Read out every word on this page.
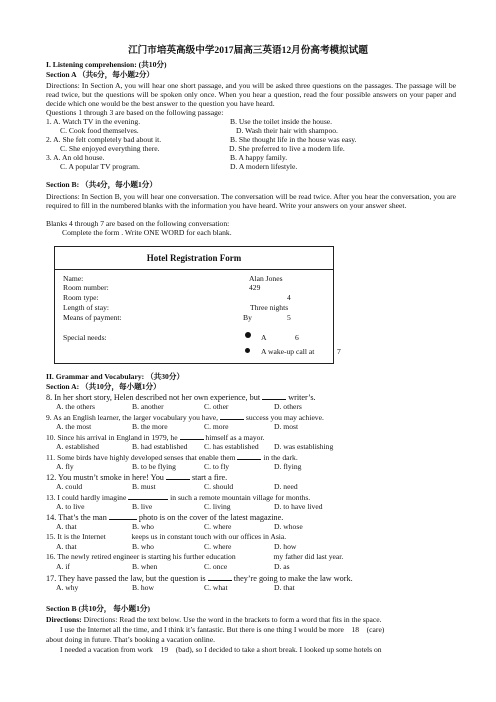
江门市培英高级中学2017届高三英语12月份高考模拟试题
I. Listening comprehension: (共10分)
Section A （共6分，每小题2分）
Directions: In Section A, you will hear one short passage, and you will be asked three questions on the passages. The passage will be read twice, but the questions will be spoken only once. When you hear a question, read the four possible answers on your paper and decide which one would be the best answer to the question you have heard.
Questions 1 through 3 are based on the following passage:
1. A. Watch TV in the evening.	B. Use the toilet inside the house.
C. Cook food themselves.	D. Wash their hair with shampoo.
2. A. She felt completely bad about it.	B. She thought life in the house was easy.
C. She enjoyed everything there.	D. She preferred to live a modern life.
3. A. An old house.	B. A happy family.
C. A popular TV program.	D. A modern lifestyle.
Section B: （共4分，每小题1分）
Directions: In Section B, you will hear one conversation. The conversation will be read twice. After you hear the conversation, you are required to fill in the numbered blanks with the information you have heard. Write your answers on your answer sheet.
Blanks 4 through 7 are based on the following conversation:
Complete the form . Write ONE WORD for each blank.
Hotel Registration Form
Name:	Alan Jones
Room number:	429
Room type:	4
Length of stay:	Three nights
Means of payment:	By	5
Special needs:	A	6
A wake-up call at	7
II. Grammar and Vocabulary: （共30分）
Section A: （共10分，每小题1分）
8. In her short story, Helen described not her own experience, but	writer’s.
A. the others	B. another	C. other	D. others
9. As an English learner, the larger vocabulary you have,	success you may achieve.
A. the most	B. the more	C. more	D. most
10. Since his arrival in England in 1979, he	himself as a mayor.
A. established	B. had established C. has established D. was establishing
11. Some birds have highly developed senses that enable them	in the dark.
A. fly	B. to be flying	C. to fly	D. flying
12. You mustn’t smoke in here! You	start a fire.
A. could	B. must	C. should	D. need
13. I could hardly imagine	in such a remote mountain village for months.
A. to live	B. live	C. living	D. to have lived
14. That’s the man	photo is on the cover of the latest magazine.
A. that	B. who	C. where	D. whose
15. It is the Internet	keeps us in constant touch with our offices in Asia.
A. that	B. who	C. where	D. how
16. The newly retired engineer is starting his further education	my father did last year.
A. if	B. when	C. once	D. as
17. They have passed the law, but the question is	they’re going to make the law work.
A. why	B. how	C. what	D. that
Section B (共10分， 每小题1分)
Directions: Directions: Read the text below. Use the word in the brackets to form a word that fits in the space.
I use the Internet all the time, and I think it’s fantastic. But there is one thing I would be more 18 (care)
about doing in future. That’s booking a vacation online.
I needed a vacation from work 19 (bad), so I decided to take a short break. I looked up some hotels on
